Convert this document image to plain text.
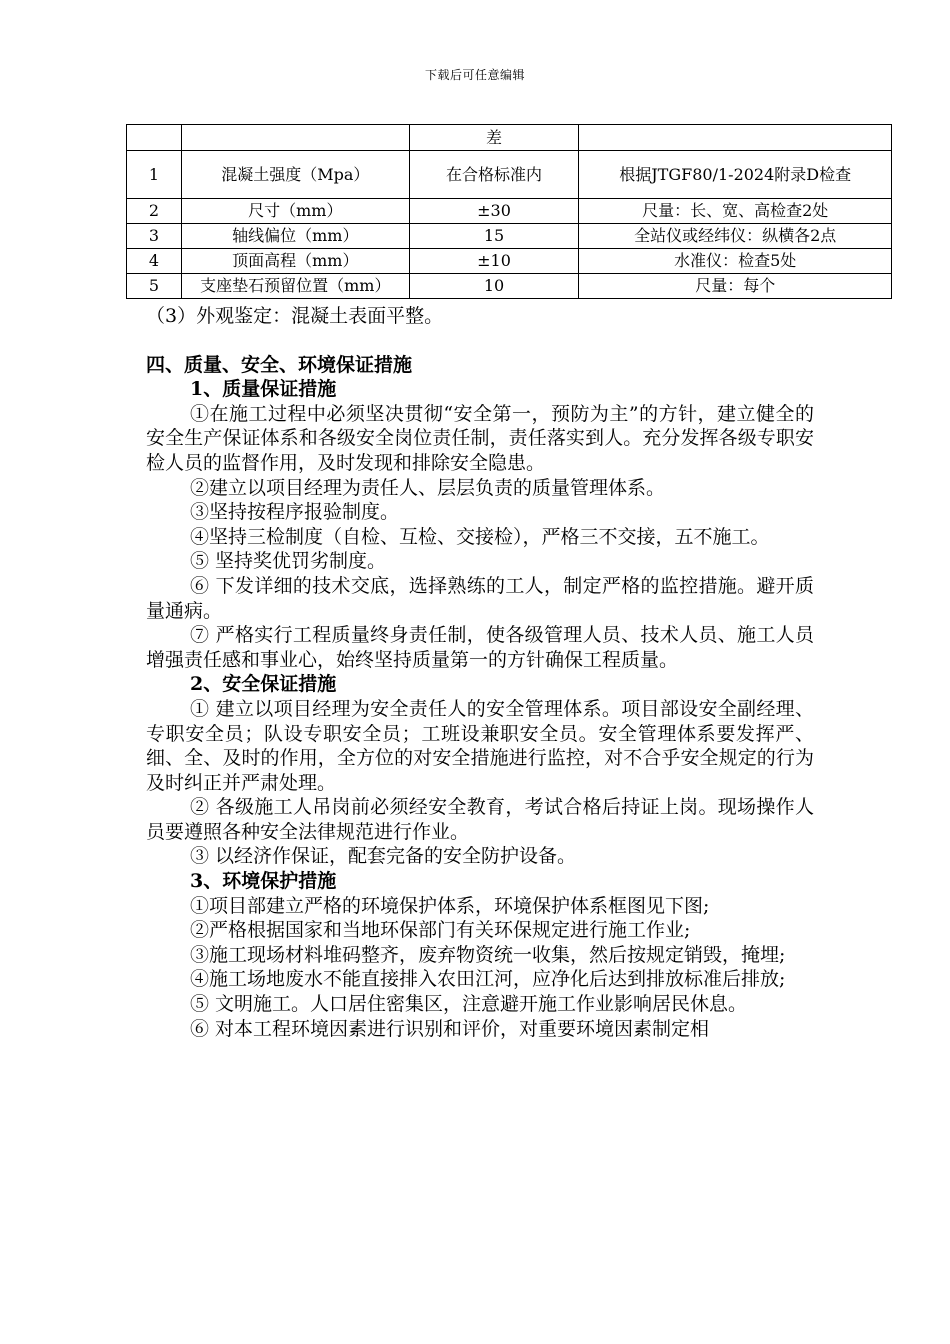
下载后可任意编辑
		差	
1	混凝土强度（Mpa）	在合格标准内	根据JTGF80/1-2024附录D检查
2	尺寸（mm）	±30	尺量：长、宽、高检查2处
3	轴线偏位（mm）	15	全站仪或经纬仪：纵横各2点
4	顶面高程（mm）	±10	水准仪：检查5处
5	支座垫石预留位置（mm）	10	尺量：每个

（3）外观鉴定：混凝土表面平整。

四、质量、安全、环境保证措施

1、质量保证措施

①在施工过程中必须坚决贯彻“安全第一，预防为主”的方针，建立健全的安全生产保证体系和各级安全岗位责任制，责任落实到人。充分发挥各级专职安检人员的监督作用，及时发现和排除安全隐患。

②建立以项目经理为责任人、层层负责的质量管理体系。

③坚持按程序报验制度。

④坚持三检制度（自检、互检、交接检），严格三不交接，五不施工。

⑤ 坚持奖优罚劣制度。

⑥ 下发详细的技术交底，选择熟练的工人，制定严格的监控措施。避开质量通病。

⑦ 严格实行工程质量终身责任制，使各级管理人员、技术人员、施工人员增强责任感和事业心，始终坚持质量第一的方针确保工程质量。

2、安全保证措施

① 建立以项目经理为安全责任人的安全管理体系。项目部设安全副经理、专职安全员；队设专职安全员；工班设兼职安全员。安全管理体系要发挥严、细、全、及时的作用，全方位的对安全措施进行监控，对不合乎安全规定的行为及时纠正并严肃处理。

② 各级施工人吊岗前必须经安全教育，考试合格后持证上岗。现场操作人员要遵照各种安全法律规范进行作业。

③ 以经济作保证，配套完备的安全防护设备。

3、环境保护措施

①项目部建立严格的环境保护体系，环境保护体系框图见下图;

②严格根据国家和当地环保部门有关环保规定进行施工作业;

③施工现场材料堆码整齐，废弃物资统一收集，然后按规定销毁，掩埋;

④施工场地废水不能直接排入农田江河，应净化后达到排放标准后排放;

⑤ 文明施工。人口居住密集区，注意避开施工作业影响居民休息。

⑥ 对本工程环境因素进行识别和评价，对重要环境因素制定相
